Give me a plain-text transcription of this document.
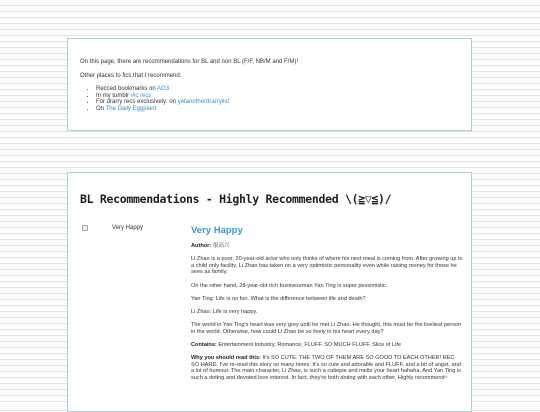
On this page, there are recommendations for BL and non BL (F/F, NB/M and F/M)!

Other places to fics that I recommend:

• Recced bookmarks on AO3
• In my tumblr #lc recs
• For drarry recs exclusively: on yetanotherdrarrylist
• On The Daily Eggplant
BL Recommendations - Highly Recommended \(≧▽≦)/
Very Happy	Very Happy

Author: 很高兴

Li Zhao is a poor, 20-year-old actor who only thinks of where his next meal is coming from. After growing up in a child only facility, Li Zhao has taken on a very optimistic personality even while raising money for those he sees as family.

On the other hand, 28-year-old rich businessman Yan Ting is super pessimistic.

Yan Ting: Life is no fun. What is the difference between life and death?

Li Zhao: Life is very happy.

The world in Yan Ting's heart was very grey until he met Li Zhao. He thought, this must be the liveliest person in the world. Otherwise, how could Li Zhao be so lively in his heart every day?

Contains: Entertainment Industry, Romance, FLUFF. SO MUCH FLUFF, Slice of Life

Why you should read this: It's SO CUTE. THE TWO OF THEM ARE SO GOOD TO EACH OTHER! REC SO HARD. I've re-read this story so many times. It's so cute and adorable and FLUFF, and a bit of angst, and a lot of humour. The main character, Li Zhao, is such a cutiepie and melts your heart hahaha. And Yan Ting is such a doting and devoted love interest. In fact, they're both doting with each other. Highly recommend~
